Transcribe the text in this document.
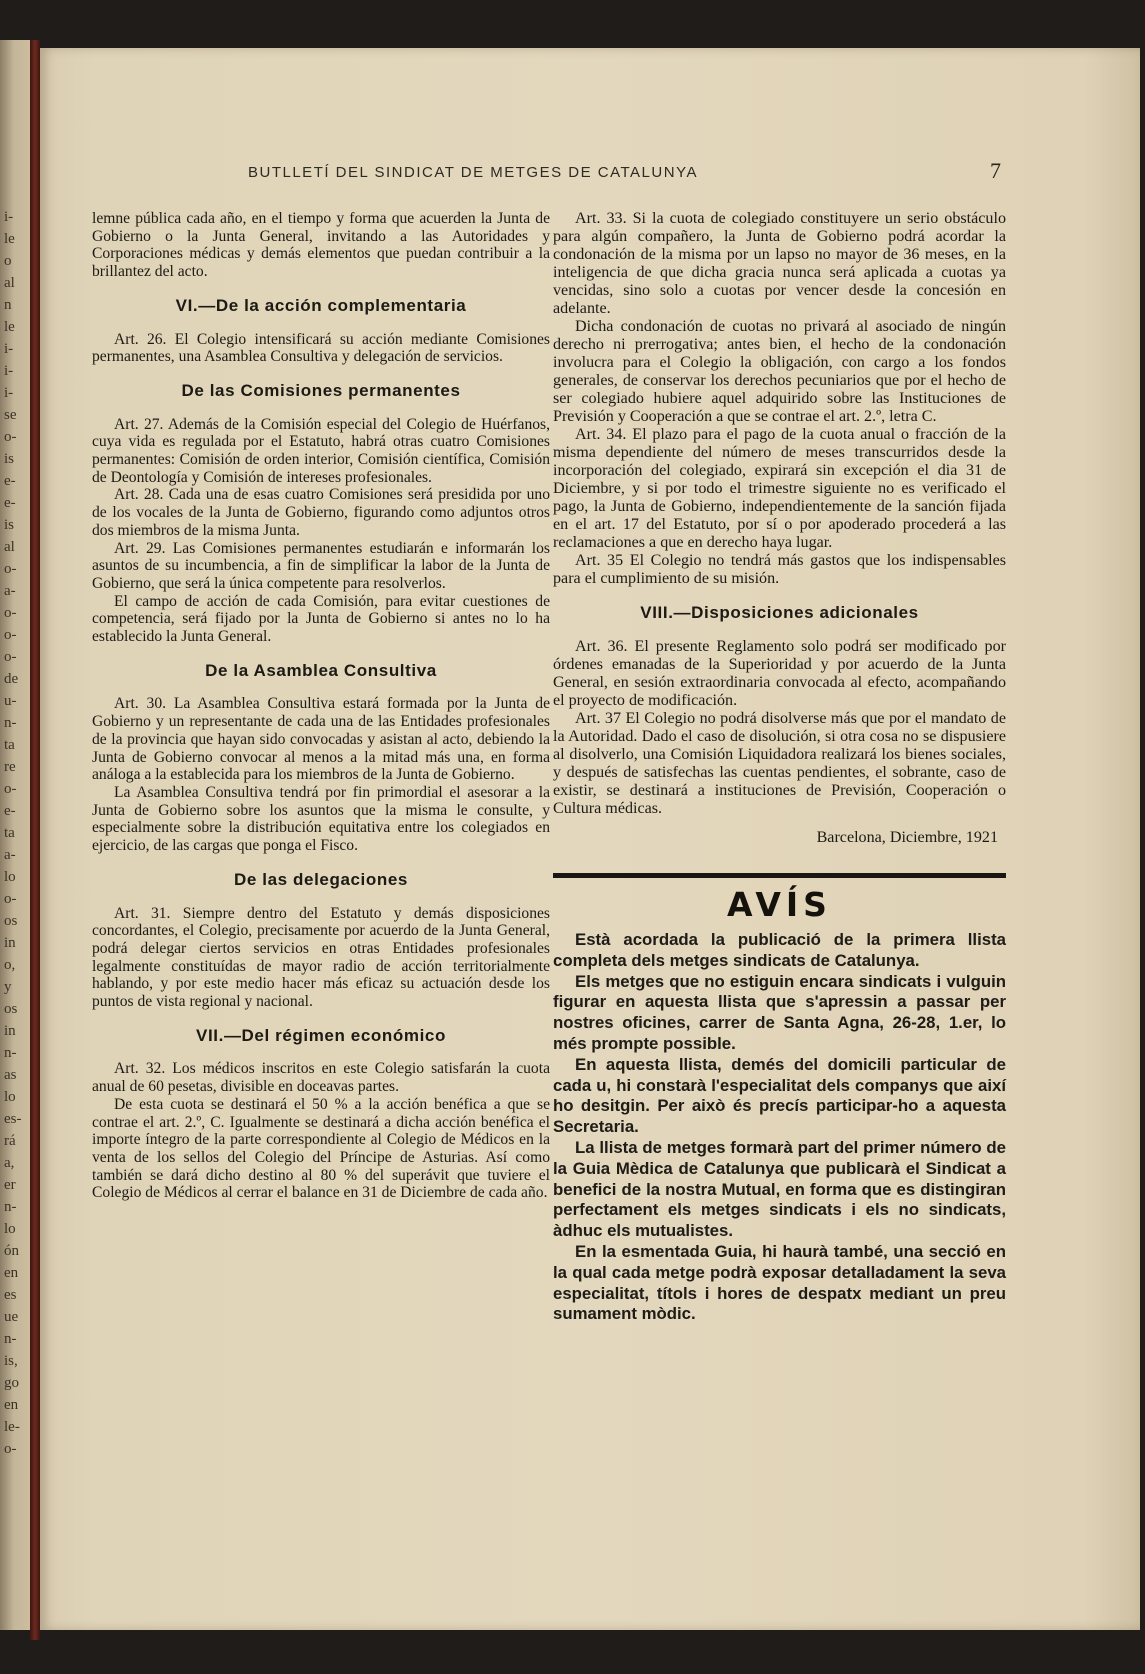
i-
le
o
al
n
le
i-
i-
i-
se
o-
is
e-
e-
is
al
o-
a-
o-
o-
o-
de
u-
n-
ta
re
o-
e-
ta
a-
lo
o-
os
in
o,
y
os
in
n-
as
lo
es-
rá
a,
er
n-
lo
ón
en
es
ue
n-
is,
go
en
le-
o-
BUTLLETÍ DEL SINDICAT DE METGES DE CATALUNYA	7

lemne pública cada año, en el tiempo y forma que acuerden la Junta de Gobierno o la Junta General, invitando a las Autoridades y Corporaciones médicas y demás elementos que puedan contribuir a la brillantez del acto.

VI.—De la acción complementaria

Art. 26. El Colegio intensificará su acción mediante Comisiones permanentes, una Asamblea Consultiva y delegación de servicios.

De las Comisiones permanentes

Art. 27. Además de la Comisión especial del Colegio de Huérfanos, cuya vida es regulada por el Estatuto, habrá otras cuatro Comisiones permanentes: Comisión de orden interior, Comisión científica, Comisión de Deontología y Comisión de intereses profesionales.

Art. 28. Cada una de esas cuatro Comisiones será presidida por uno de los vocales de la Junta de Gobierno, figurando como adjuntos otros dos miembros de la misma Junta.

Art. 29. Las Comisiones permanentes estudiarán e informarán los asuntos de su incumbencia, a fin de simplificar la labor de la Junta de Gobierno, que será la única competente para resolverlos.

El campo de acción de cada Comisión, para evitar cuestiones de competencia, será fijado por la Junta de Gobierno si antes no lo ha establecido la Junta General.

De la Asamblea Consultiva

Art. 30. La Asamblea Consultiva estará formada por la Junta de Gobierno y un representante de cada una de las Entidades profesionales de la provincia que hayan sido convocadas y asistan al acto, debiendo la Junta de Gobierno convocar al menos a la mitad más una, en forma análoga a la establecida para los miembros de la Junta de Gobierno.

La Asamblea Consultiva tendrá por fin primordial el asesorar a la Junta de Gobierno sobre los asuntos que la misma le consulte, y especialmente sobre la distribución equitativa entre los colegiados en ejercicio, de las cargas que ponga el Fisco.

De las delegaciones

Art. 31. Siempre dentro del Estatuto y demás disposiciones concordantes, el Colegio, precisamente por acuerdo de la Junta General, podrá delegar ciertos servicios en otras Entidades profesionales legalmente constituídas de mayor radio de acción territorialmente hablando, y por este medio hacer más eficaz su actuación desde los puntos de vista regional y nacional.

VII.—Del régimen económico

Art. 32. Los médicos inscritos en este Colegio satisfarán la cuota anual de 60 pesetas, divisible en doceavas partes.

De esta cuota se destinará el 50 % a la acción benéfica a que se contrae el art. 2.º, C. Igualmente se destinará a dicha acción benéfica el importe íntegro de la parte correspondiente al Colegio de Médicos en la venta de los sellos del Colegio del Príncipe de Asturias. Así como también se dará dicho destino al 80 % del superávit que tuviere el Colegio de Médicos al cerrar el balance en 31 de Diciembre de cada año.

Art. 33. Si la cuota de colegiado constituyere un serio obstáculo para algún compañero, la Junta de Gobierno podrá acordar la condonación de la misma por un lapso no mayor de 36 meses, en la inteligencia de que dicha gracia nunca será aplicada a cuotas ya vencidas, sino solo a cuotas por vencer desde la concesión en adelante.

Dicha condonación de cuotas no privará al asociado de ningún derecho ni prerrogativa; antes bien, el hecho de la condonación involucra para el Colegio la obligación, con cargo a los fondos generales, de conservar los derechos pecuniarios que por el hecho de ser colegiado hubiere aquel adquirido sobre las Instituciones de Previsión y Cooperación a que se contrae el art. 2.º, letra C.

Art. 34. El plazo para el pago de la cuota anual o fracción de la misma dependiente del número de meses transcurridos desde la incorporación del colegiado, expirará sin excepción el dia 31 de Diciembre, y si por todo el trimestre siguiente no es verificado el pago, la Junta de Gobierno, independientemente de la sanción fijada en el art. 17 del Estatuto, por sí o por apoderado procederá a las reclamaciones a que en derecho haya lugar.

Art. 35 El Colegio no tendrá más gastos que los indispensables para el cumplimiento de su misión.

VIII.—Disposiciones adicionales

Art. 36. El presente Reglamento solo podrá ser modificado por órdenes emanadas de la Superioridad y por acuerdo de la Junta General, en sesión extraordinaria convocada al efecto, acompañando el proyecto de modificación.

Art. 37 El Colegio no podrá disolverse más que por el mandato de la Autoridad. Dado el caso de disolución, si otra cosa no se dispusiere al disolverlo, una Comisión Liquidadora realizará los bienes sociales, y después de satisfechas las cuentas pendientes, el sobrante, caso de existir, se destinará a instituciones de Previsión, Cooperación o Cultura médicas.

Barcelona, Diciembre, 1921
AVÍS

Està acordada la publicació de la primera llista completa dels metges sindicats de Catalunya.

Els metges que no estiguin encara sindicats i vulguin figurar en aquesta llista que s'apressin a passar per nostres oficines, carrer de Santa Agna, 26-28, 1.er, lo més prompte possible.

En aquesta llista, demés del domicili particular de cada u, hi constarà l'especialitat dels companys que així ho desitgin. Per això és precís participar-ho a aquesta Secretaria.

La llista de metges formarà part del primer número de la Guia Mèdica de Catalunya que publicarà el Sindicat a benefici de la nostra Mutual, en forma que es distingiran perfectament els metges sindicats i els no sindicats, àdhuc els mutualistes.

En la esmentada Guia, hi haurà també, una secció en la qual cada metge podrà exposar detalladament la seva especialitat, títols i hores de despatx mediant un preu sumament mòdic.
